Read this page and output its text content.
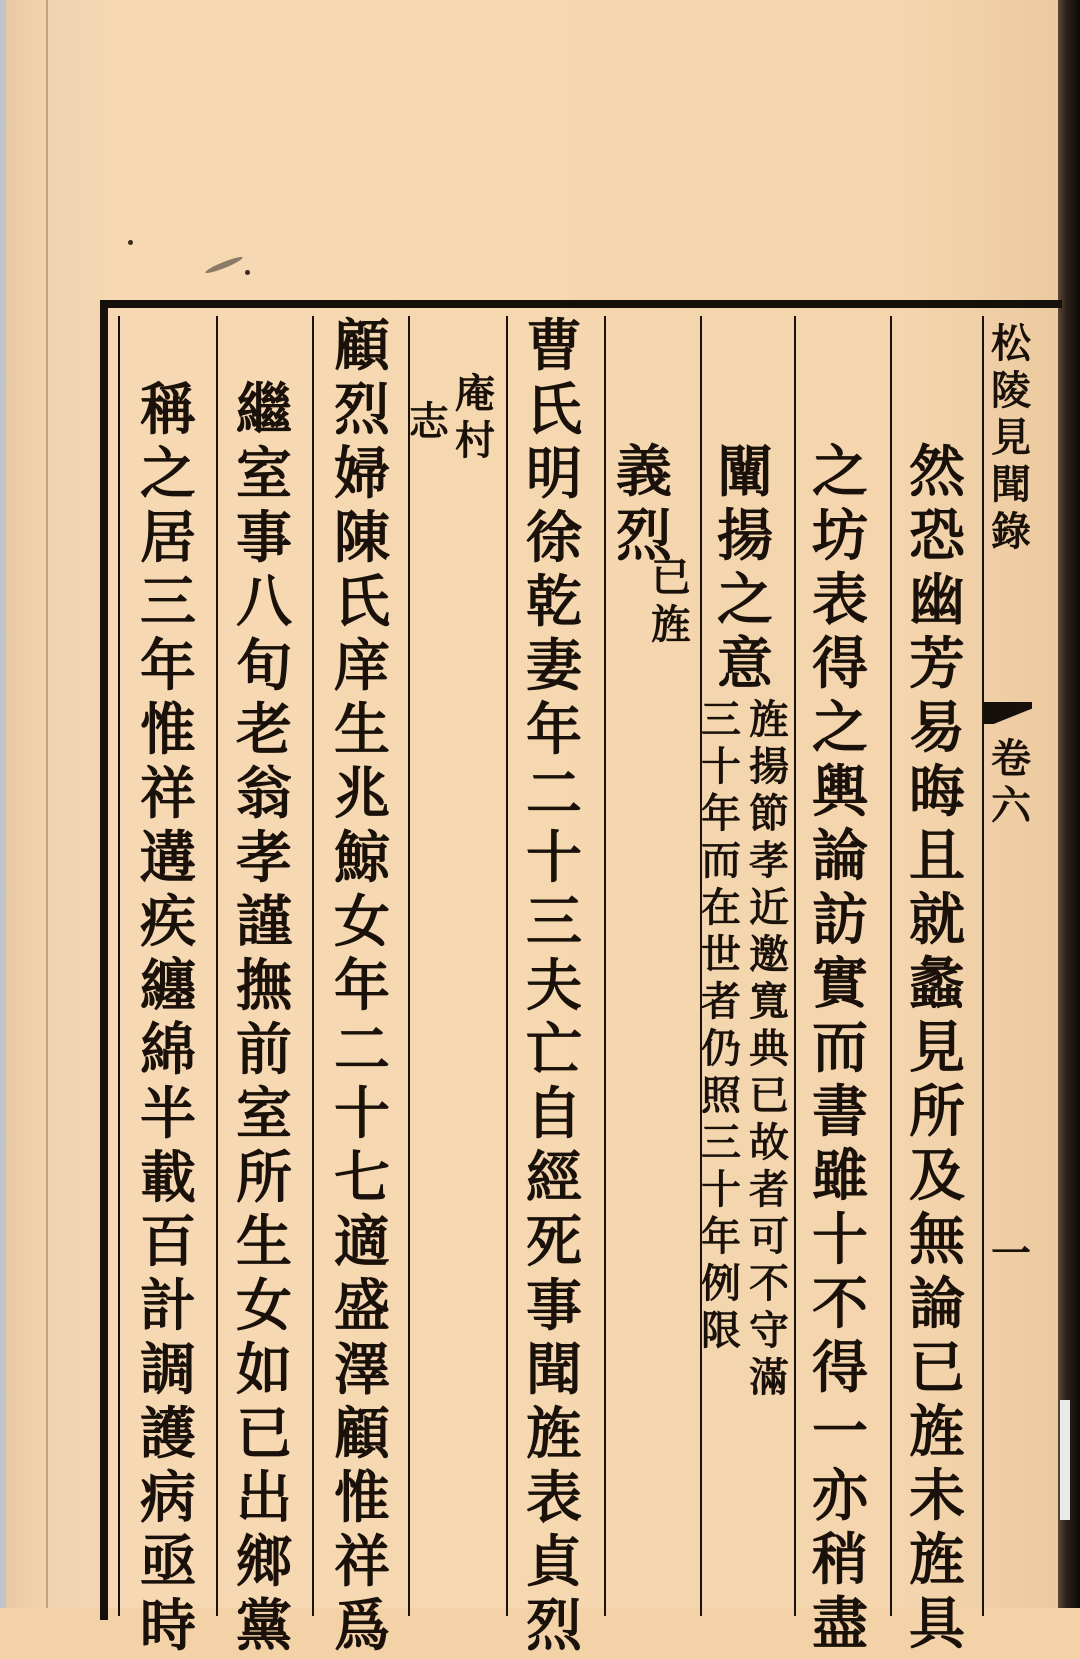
松
陵
見
聞
錄
卷
六
一
然
恐
幽
芳
易
晦
且
就
蠡
見
所
及
無
論
已
旌
未
旌
具
之
坊
表
得
之
輿
論
訪
實
而
書
雖
十
不
得
一
亦
稍
盡
闡
揚
之
意
旌
揚
節
孝
近
邀
寬
典
已
故
者
可
不
守
滿
三
十
年
而
在
世
者
仍
照
三
十
年
例
限
義
烈
已
旌
曹
氏
明
徐
乾
妻
年
二
十
三
夫
亡
自
經
死
事
聞
旌
表
貞
烈
庵
村
志
顧
烈
婦
陳
氏
庠
生
兆
鯨
女
年
二
十
七
適
盛
澤
顧
惟
祥
爲
繼
室
事
八
旬
老
翁
孝
謹
撫
前
室
所
生
女
如
已
出
鄉
黨
稱
之
居
三
年
惟
祥
遘
疾
纏
綿
半
載
百
計
調
護
病
亟
時
